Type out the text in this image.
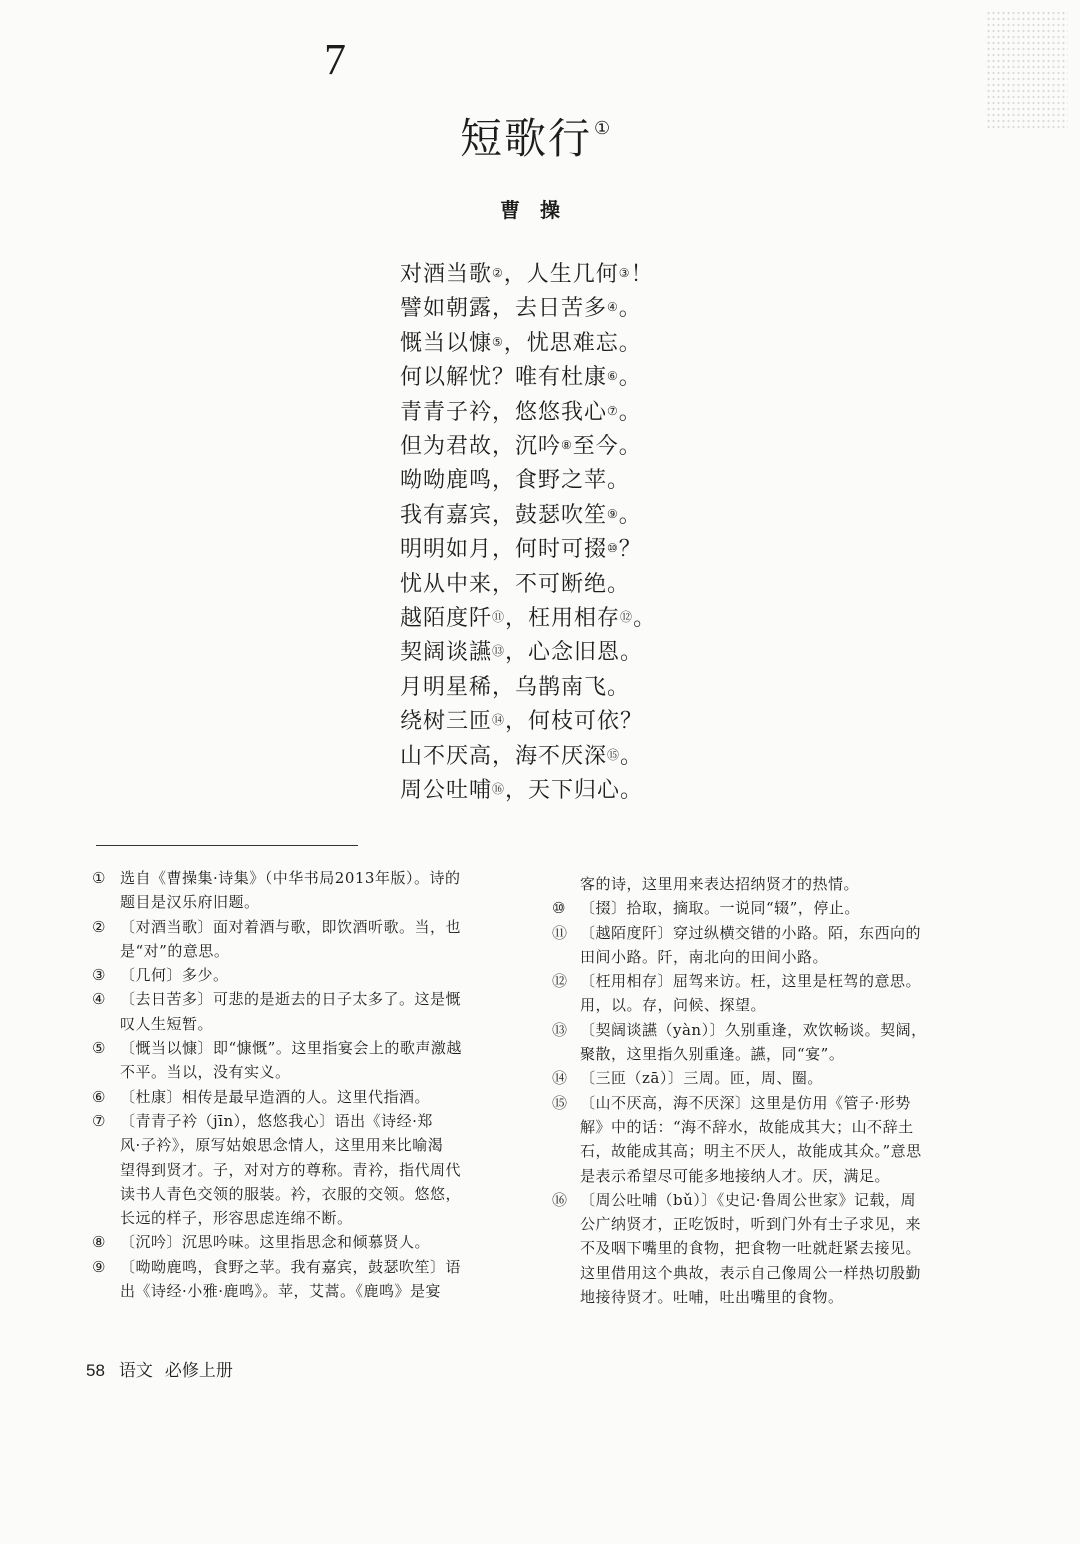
7
短歌行 ①
曹操
对酒当歌②，人生几何③！
譬如朝露，去日苦多④。
慨当以慷⑤，忧思难忘。
何以解忧？唯有杜康⑥。
青青子衿，悠悠我心⑦。
但为君故，沉吟⑧至今。
呦呦鹿鸣，食野之苹。
我有嘉宾，鼓瑟吹笙⑨。
明明如月，何时可掇⑩？
忧从中来，不可断绝。
越陌度阡⑪，枉用相存⑫。
契阔谈讌⑬，心念旧恩。
月明星稀，乌鹊南飞。
绕树三匝⑭，何枝可依？
山不厌高，海不厌深⑮。
周公吐哺⑯，天下归心。
① 选自《曹操集·诗集》（中华书局2013年版）。诗的
题目是汉乐府旧题。
② 〔对酒当歌〕面对着酒与歌，即饮酒听歌。当，也
是“对”的意思。
③ 〔几何〕多少。
④ 〔去日苦多〕可悲的是逝去的日子太多了。这是慨
叹人生短暂。
⑤ 〔慨当以慷〕即“慷慨”。这里指宴会上的歌声激越
不平。当以，没有实义。
⑥ 〔杜康〕相传是最早造酒的人。这里代指酒。
⑦ 〔青青子衿（jīn），悠悠我心〕语出《诗经·郑
风·子衿》，原写姑娘思念情人，这里用来比喻渴
望得到贤才。子，对对方的尊称。青衿，指代周代
读书人青色交领的服装。衿，衣服的交领。悠悠，
长远的样子，形容思虑连绵不断。
⑧ 〔沉吟〕沉思吟味。这里指思念和倾慕贤人。
⑨ 〔呦呦鹿鸣，食野之苹。我有嘉宾，鼓瑟吹笙〕语
出《诗经·小雅·鹿鸣》。苹，艾蒿。《鹿鸣》是宴
客的诗，这里用来表达招纳贤才的热情。
⑩ 〔掇〕拾取，摘取。一说同“辍”，停止。
⑪ 〔越陌度阡〕穿过纵横交错的小路。陌，东西向的
田间小路。阡，南北向的田间小路。
⑫ 〔枉用相存〕屈驾来访。枉，这里是枉驾的意思。
用，以。存，问候、探望。
⑬ 〔契阔谈讌（yàn）〕久别重逢，欢饮畅谈。契阔，
聚散，这里指久别重逢。讌，同“宴”。
⑭ 〔三匝（zā）〕三周。匝，周、圈。
⑮ 〔山不厌高，海不厌深〕这里是仿用《管子·形势
解》中的话：“海不辞水，故能成其大；山不辞土
石，故能成其高；明主不厌人，故能成其众。”意思
是表示希望尽可能多地接纳人才。厌，满足。
⑯ 〔周公吐哺（bǔ）〕《史记·鲁周公世家》记载，周
公广纳贤才，正吃饭时，听到门外有士子求见，来
不及咽下嘴里的食物，把食物一吐就赶紧去接见。
这里借用这个典故，表示自己像周公一样热切殷勤
地接待贤才。吐哺，吐出嘴里的食物。
58 语文 必修上册
